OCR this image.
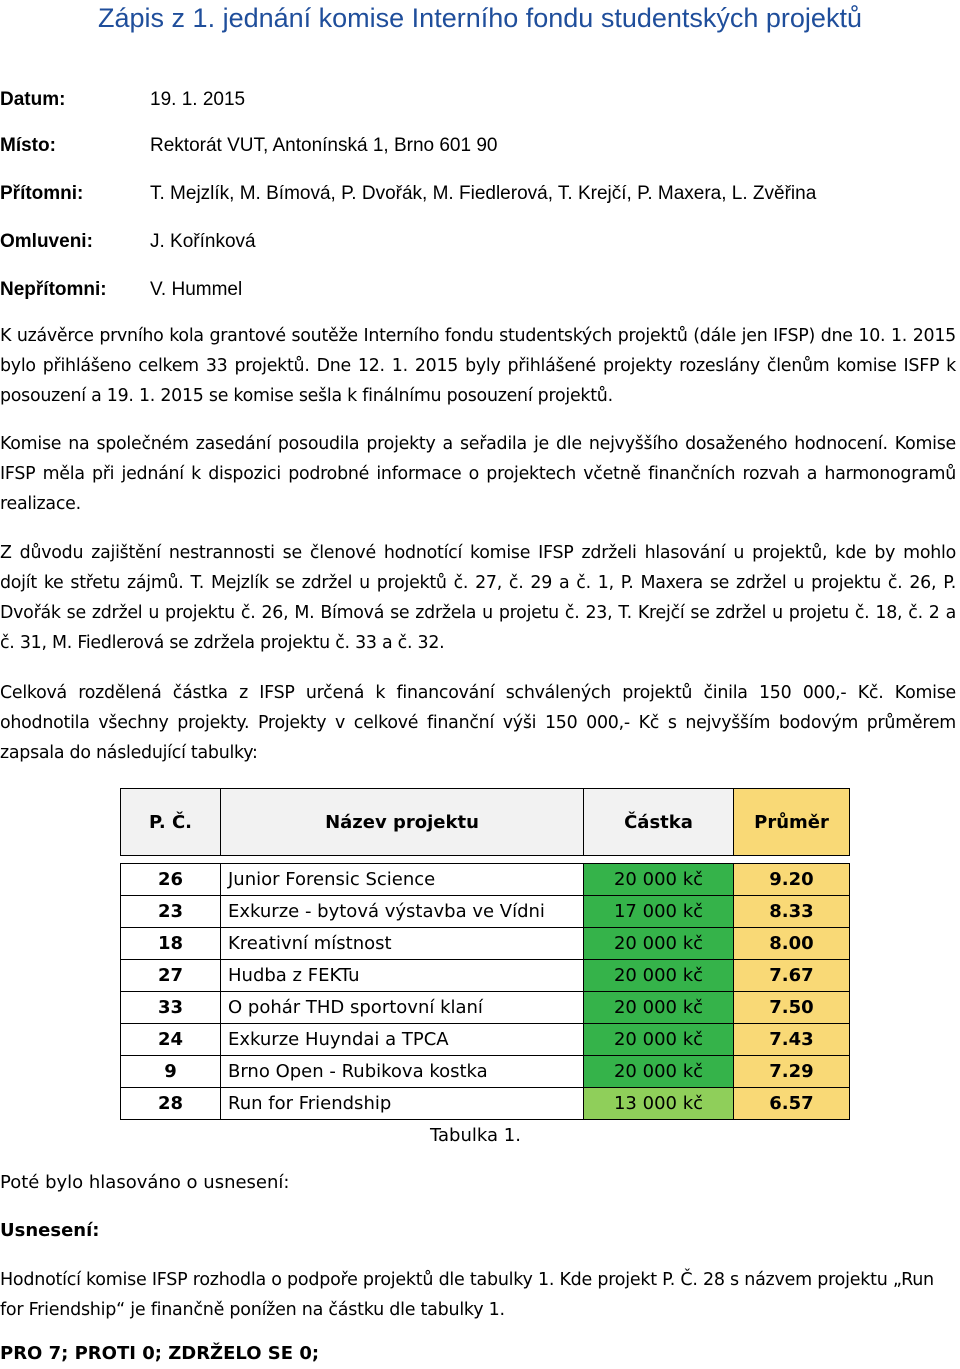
Zápis z 1. jednání komise Interního fondu studentských projektů
Datum:	19. 1. 2015
Místo:	Rektorát VUT, Antonínská 1, Brno 601 90
Přítomni:	T. Mejzlík, M. Bímová, P. Dvořák, M. Fiedlerová, T. Krejčí, P. Maxera, L. Zvěřina
Omluveni:	J. Kořínková
Nepřítomni: V. Hummel

K uzávěrce prvního kola grantové soutěže Interního fondu studentských projektů (dále jen IFSP) dne 10. 1. 2015 bylo přihlášeno celkem 33 projektů. Dne 12. 1. 2015 byly přihlášené projekty rozeslány členům komise ISFP k posouzení a 19. 1. 2015 se komise sešla k finálnímu posouzení projektů.

Komise na společném zasedání posoudila projekty a seřadila je dle nejvyššího dosaženého hodnocení. Komise IFSP měla při jednání k dispozici podrobné informace o projektech včetně finančních rozvah a harmonogramů realizace.

Z důvodu zajištění nestrannosti se členové hodnotící komise IFSP zdrželi hlasování u projektů, kde by mohlo dojít ke střetu zájmů. T. Mejzlík se zdržel u projektů č. 27, č. 29 a č. 1, P. Maxera se zdržel u projektu č. 26, P. Dvořák se zdržel u projektu č. 26, M. Bímová se zdržela u projetu č. 23, T. Krejčí se zdržel u projetu č. 18, č. 2 a č. 31, M. Fiedlerová se zdržela projektu č. 33 a č. 32.

Celková rozdělená částka z IFSP určená k financování schválených projektů činila 150 000,- Kč. Komise ohodnotila všechny projekty. Projekty v celkové finanční výši 150 000,- Kč s nejvyšším bodovým průměrem zapsala do následující tabulky:

P. Č.	Název projektu	Částka	Průměr

26	Junior Forensic Science	20 000 kč	9.20
23	Exkurze - bytová výstavba ve Vídni	17 000 kč	8.33
18	Kreativní místnost	20 000 kč	8.00
27	Hudba z FEKTu	20 000 kč	7.67
33	O pohár THD sportovní klaní	20 000 kč	7.50
24	Exkurze Huyndai a TPCA	20 000 kč	7.43
9	Brno Open - Rubikova kostka	20 000 kč	7.29
28	Run for Friendship	13 000 kč	6.57
Tabulka 1.
Poté bylo hlasováno o usnesení:
Usnesení:

Hodnotící komise IFSP rozhodla o podpoře projektů dle tabulky 1. Kde projekt P. Č. 28 s názvem projektu „Run for Friendship“ je finančně ponížen na částku dle tabulky 1.

PRO 7; PROTI 0; ZDRŽELO SE 0;
